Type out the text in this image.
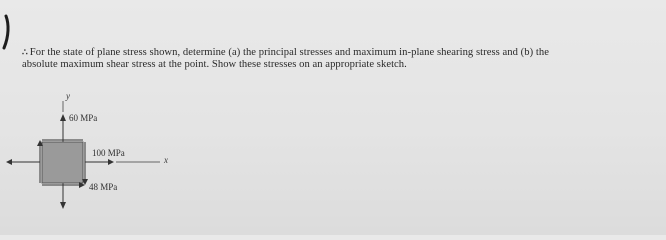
∴ For the state of plane stress shown, determine (a) the principal stresses and maximum in-plane shearing stress and (b) the
absolute maximum shear stress at the point. Show these stresses on an appropriate sketch.
y
x
60 MPa
100 MPa
48 MPa
